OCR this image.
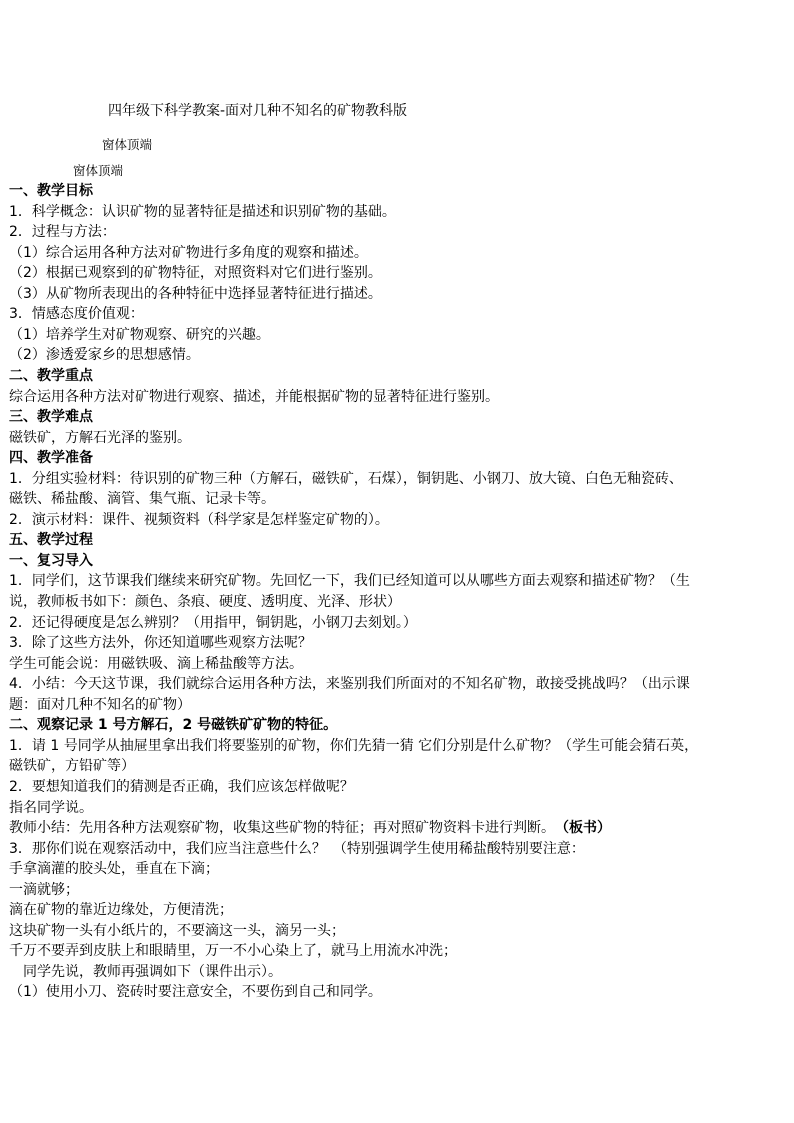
四年级下科学教案-面对几种不知名的矿物教科版
窗体顶端
窗体顶端
一、教学目标
1．科学概念：认识矿物的显著特征是描述和识别矿物的基础。
2．过程与方法：
（1）综合运用各种方法对矿物进行多角度的观察和描述。
（2）根据已观察到的矿物特征，对照资料对它们进行鉴别。
（3）从矿物所表现出的各种特征中选择显著特征进行描述。
3．情感态度价值观：
（1）培养学生对矿物观察、研究的兴趣。
（2）渗透爱家乡的思想感情。
二、教学重点
综合运用各种方法对矿物进行观察、描述，并能根据矿物的显著特征进行鉴别。
三、教学难点
磁铁矿，方解石光泽的鉴别。
四、教学准备
1．分组实验材料：待识别的矿物三种（方解石，磁铁矿，石煤），铜钥匙、小钢刀、放大镜、白色无釉瓷砖、
磁铁、稀盐酸、滴管、集气瓶、记录卡等。
2．演示材料：课件、视频资料（科学家是怎样鉴定矿物的）。
五、教学过程
一、复习导入
1．同学们，这节课我们继续来研究矿物。先回忆一下，我们已经知道可以从哪些方面去观察和描述矿物？（生
说，教师板书如下：颜色、条痕、硬度、透明度、光泽、形状）
2．还记得硬度是怎么辨别？（用指甲，铜钥匙，小钢刀去刻划。）
3．除了这些方法外，你还知道哪些观察方法呢？
学生可能会说：用磁铁吸、滴上稀盐酸等方法。
4．小结：今天这节课，我们就综合运用各种方法，来鉴别我们所面对的不知名矿物，敢接受挑战吗？（出示课
题：面对几种不知名的矿物）
二、观察记录 1 号方解石，2 号磁铁矿矿物的特征。
1．请 1 号同学从抽屉里拿出我们将要鉴别的矿物，你们先猜一猜 它们分别是什么矿物？（学生可能会猜石英，
磁铁矿，方铅矿等）
2．要想知道我们的猜测是否正确，我们应该怎样做呢？
指名同学说。
教师小结：先用各种方法观察矿物，收集这些矿物的特征；再对照矿物资料卡进行判断。　 （板书）
3．那你们说在观察活动中，我们应当注意些什么？　（特别强调学生使用稀盐酸特别要注意：
手拿滴灌的胶头处，垂直在下滴；
一滴就够；
滴在矿物的靠近边缘处，方便清洗；
这块矿物一头有小纸片的，不要滴这一头，滴另一头；
千万不要弄到皮肤上和眼睛里，万一不小心染上了，就马上用流水冲洗；
　同学先说，教师再强调如下（课件出示）。
（1）使用小刀、瓷砖时要注意安全，不要伤到自己和同学。
